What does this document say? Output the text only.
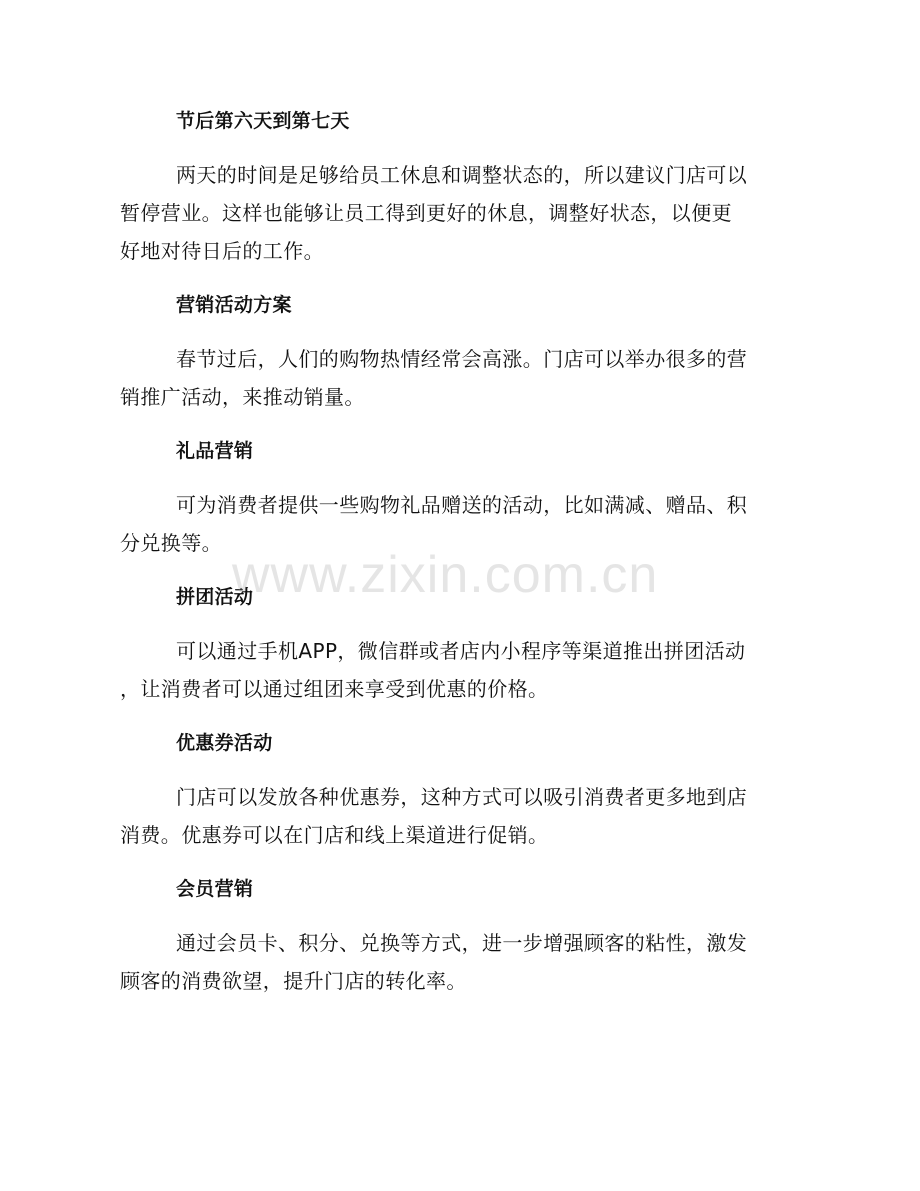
节后第六天到第七天
两天的时间是足够给员工休息和调整状态的，所以建议门店可以
暂停营业。这样也能够让员工得到更好的休息，调整好状态，以便更
好地对待日后的工作。
营销活动方案
春节过后，人们的购物热情经常会高涨。门店可以举办很多的营
销推广活动，来推动销量。
礼品营销
可为消费者提供一些购物礼品赠送的活动，比如满减、赠品、积
分兑换等。
拼团活动
可以通过手机APP，微信群或者店内小程序等渠道推出拼团活动
，让消费者可以通过组团来享受到优惠的价格。
优惠券活动
门店可以发放各种优惠券，这种方式可以吸引消费者更多地到店
消费。优惠券可以在门店和线上渠道进行促销。
会员营销
通过会员卡、积分、兑换等方式，进一步增强顾客的粘性，激发
顾客的消费欲望，提升门店的转化率。
www.zixin.com.cn
